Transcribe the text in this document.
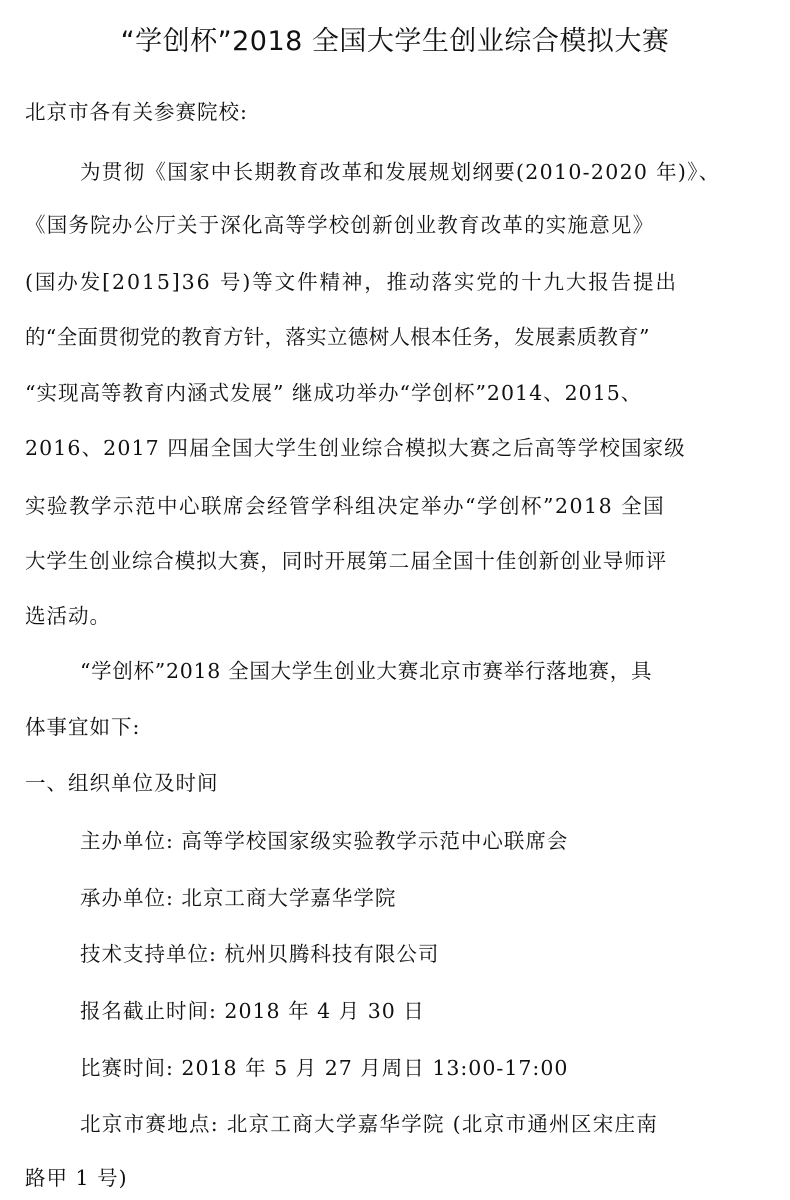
“学创杯”2018 全国大学生创业综合模拟大赛
北京市各有关参赛院校:
为贯彻《国家中长期教育改革和发展规划纲要(2010-2020 年)》、
《国务院办公厅关于深化高等学校创新创业教育改革的实施意见》
(国办发[2015]36 号)等文件精神，推动落实党的十九大报告提出
的“全面贯彻党的教育方针，落实立德树人根本任务，发展素质教育”
“实现高等教育内涵式发展” 继成功举办“学创杯”2014、2015、
2016、2017 四届全国大学生创业综合模拟大赛之后高等学校国家级
实验教学示范中心联席会经管学科组决定举办“学创杯”2018 全国
大学生创业综合模拟大赛，同时开展第二届全国十佳创新创业导师评
选活动。
“学创杯”2018 全国大学生创业大赛北京市赛举行落地赛，具
体事宜如下:
一、组织单位及时间
主办单位: 高等学校国家级实验教学示范中心联席会
承办单位: 北京工商大学嘉华学院
技术支持单位: 杭州贝腾科技有限公司
报名截止时间: 2018 年 4 月 30 日
比赛时间: 2018 年 5 月 27 月周日 13:00-17:00
北京市赛地点: 北京工商大学嘉华学院 (北京市通州区宋庄南
路甲 1 号)
